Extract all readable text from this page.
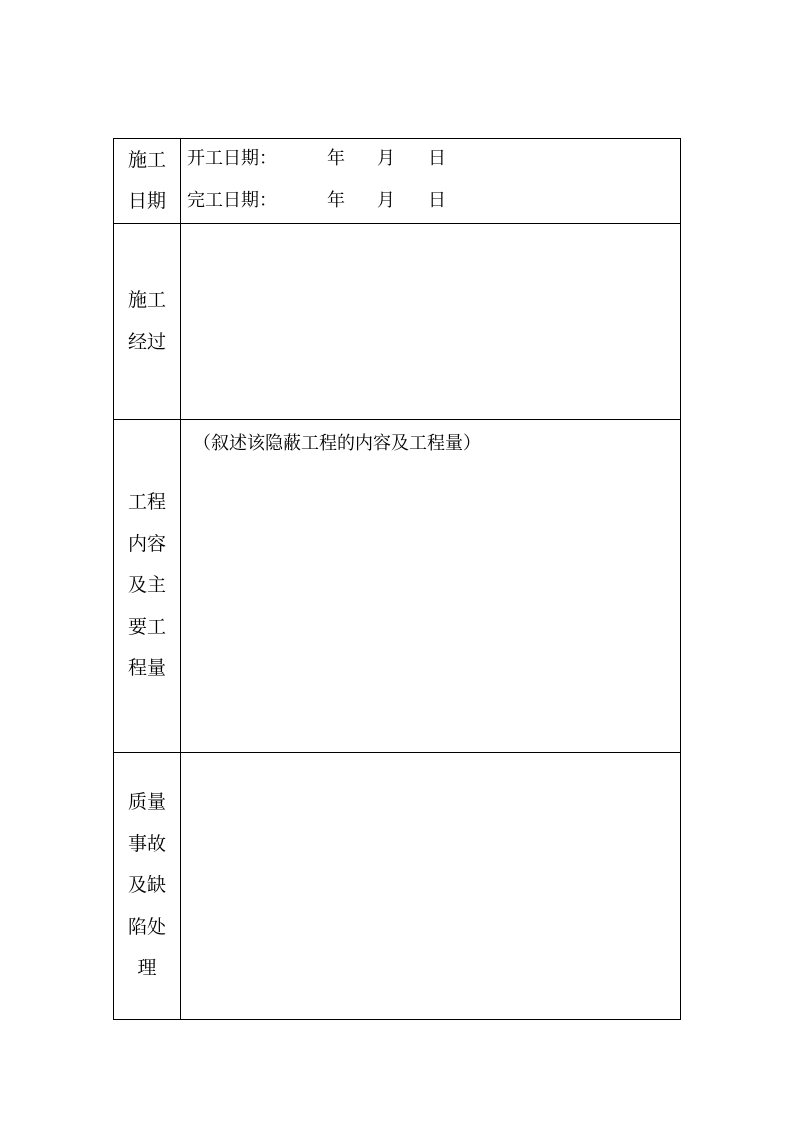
施工
日期
开工日期：	年 月 日
完工日期：	年 月 日
施工
经过
工程
内容
及主
要工
程量
（叙述该隐蔽工程的内容及工程量）
质量
事故
及缺
陷处
理
